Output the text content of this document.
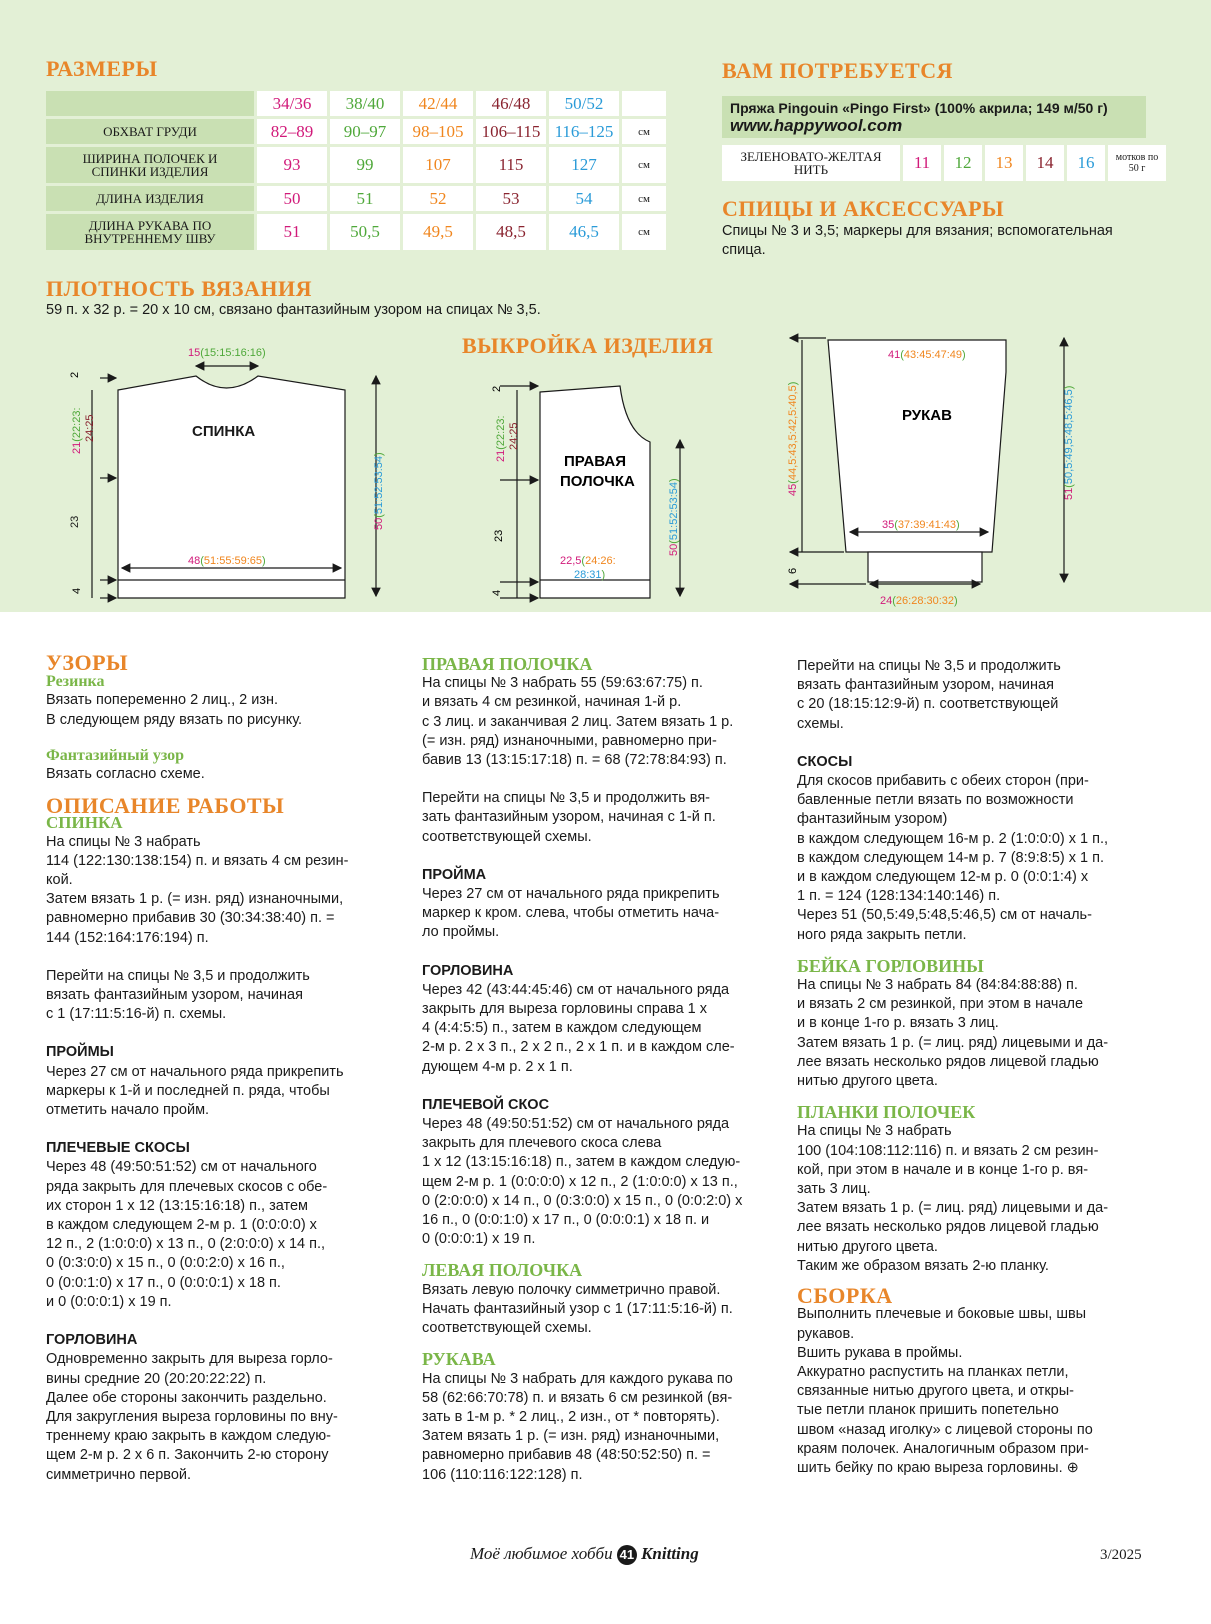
РАЗМЕРЫ
	34/36	38/40	42/44	46/48	50/52	
ОБХВАТ ГРУДИ	82–89	90–97	98–105	106–115	116–125	см
ШИРИНА ПОЛОЧЕК И СПИНКИ ИЗДЕЛИЯ	93	99	107	115	127	см
ДЛИНА ИЗДЕЛИЯ	50	51	52	53	54	см
ДЛИНА РУКАВА ПО ВНУТРЕННЕМУ ШВУ	51	50,5	49,5	48,5	46,5	см
ПЛОТНОСТЬ ВЯЗАНИЯ
59 п. x 32 р. = 20 x 10 см, связано фантазийным узором на спицах № 3,5.
ВАМ ПОТРЕБУЕТСЯ
Пряжа Pingouin «Pingo First» (100% акрила; 149 м/50 г)
www.happywool.com
ЗЕЛЕНОВАТО-ЖЕЛТАЯ НИТЬ	11	12	13	14	16	мотков по 50 г
СПИЦЫ И АКСЕССУАРЫ
Спицы № 3 и 3,5; маркеры для вязания; вспомогательная спица.
ВЫКРОЙКА ИЗДЕЛИЯ
СПИНКА
15(15:15:16:16)
48(51:55:59:65)
21(22:23: 24:25
23
2
4
50(51:52:53:54)	ПРАВАЯ
ПОЛОЧКА
22,5(24:26:
28:31)
21(22:23: 24:25
23
2
4
50(51:52:53:54)
РУКАВ
41(43:45:47:49)
35(37:39:41:43)
24(26:28:30:32)
45(44,5:43,5:42,5:40,5)
51(50,5:49,5:48,5:46,5)
6
УЗОРЫ
Резинка

Вязать попеременно 2 лиц., 2 изн.

В следующем ряду вязать по рисунку.

Фантазийный узор

Вязать согласно схеме.

ОПИСАНИЕ РАБОТЫ
СПИНКА

На спицы № 3 набрать

114 (122:130:138:154) п. и вязать 4 см резин-

кой.

Затем вязать 1 р. (= изн. ряд) изнаночными,

равномерно прибавив 30 (30:34:38:40) п. =

144 (152:164:176:194) п.

Перейти на спицы № 3,5 и продолжить

вязать фантазийным узором, начиная

с 1 (17:11:5:16-й) п. схемы.

ПРОЙМЫ

Через 27 см от начального ряда прикрепить

маркеры к 1-й и последней п. ряда, чтобы

отметить начало пройм.

ПЛЕЧЕВЫЕ СКОСЫ

Через 48 (49:50:51:52) см от начального

ряда закрыть для плечевых скосов с обе-

их сторон 1 x 12 (13:15:16:18) п., затем

в каждом следующем 2-м р. 1 (0:0:0:0) x

12 п., 2 (1:0:0:0) x 13 п., 0 (2:0:0:0) x 14 п.,

0 (0:3:0:0) x 15 п., 0 (0:0:2:0) x 16 п.,

0 (0:0:1:0) x 17 п., 0 (0:0:0:1) x 18 п.

и 0 (0:0:0:1) x 19 п.

ГОРЛОВИНА

Одновременно закрыть для выреза горло-

вины средние 20 (20:20:22:22) п.

Далее обе стороны закончить раздельно.

Для закругления выреза горловины по вну-

треннему краю закрыть в каждом следую-

щем 2-м р. 2 x 6 п. Закончить 2-ю сторону

симметрично первой.

ПРАВАЯ ПОЛОЧКА

На спицы № 3 набрать 55 (59:63:67:75) п.

и вязать 4 см резинкой, начиная 1-й р.

с 3 лиц. и заканчивая 2 лиц. Затем вязать 1 р.

(= изн. ряд) изнаночными, равномерно при-

бавив 13 (13:15:17:18) п. = 68 (72:78:84:93) п.

Перейти на спицы № 3,5 и продолжить вя-

зать фантазийным узором, начиная с 1-й п.

соответствующей схемы.

ПРОЙМА

Через 27 см от начального ряда прикрепить

маркер к кром. слева, чтобы отметить нача-

ло проймы.

ГОРЛОВИНА

Через 42 (43:44:45:46) см от начального ряда

закрыть для выреза горловины справа 1 x

4 (4:4:5:5) п., затем в каждом следующем

2-м р. 2 x 3 п., 2 x 2 п., 2 x 1 п. и в каждом сле-

дующем 4-м р. 2 x 1 п.

ПЛЕЧЕВОЙ СКОС

Через 48 (49:50:51:52) см от начального ряда

закрыть для плечевого скоса слева

1 x 12 (13:15:16:18) п., затем в каждом следую-

щем 2-м р. 1 (0:0:0:0) x 12 п., 2 (1:0:0:0) x 13 п.,

0 (2:0:0:0) x 14 п., 0 (0:3:0:0) x 15 п., 0 (0:0:2:0) x

16 п., 0 (0:0:1:0) x 17 п., 0 (0:0:0:1) x 18 п. и

0 (0:0:0:1) x 19 п.

ЛЕВАЯ ПОЛОЧКА

Вязать левую полочку симметрично правой.

Начать фантазийный узор с 1 (17:11:5:16-й) п.

соответствующей схемы.

РУКАВА

На спицы № 3 набрать для каждого рукава по

58 (62:66:70:78) п. и вязать 6 см резинкой (вя-

зать в 1-м р. * 2 лиц., 2 изн., от * повторять).

Затем вязать 1 р. (= изн. ряд) изнаночными,

равномерно прибавив 48 (48:50:52:50) п. =

106 (110:116:122:128) п.

Перейти на спицы № 3,5 и продолжить

вязать фантазийным узором, начиная

с 20 (18:15:12:9-й) п. соответствующей

схемы.

СКОСЫ

Для скосов прибавить с обеих сторон (при-

бавленные петли вязать по возможности

фантазийным узором)

в каждом следующем 16-м р. 2 (1:0:0:0) x 1 п.,

в каждом следующем 14-м р. 7 (8:9:8:5) x 1 п.

и в каждом следующем 12-м р. 0 (0:0:1:4) x

1 п. = 124 (128:134:140:146) п.

Через 51 (50,5:49,5:48,5:46,5) см от началь-

ного ряда закрыть петли.

БЕЙКА ГОРЛОВИНЫ

На спицы № 3 набрать 84 (84:84:88:88) п.

и вязать 2 см резинкой, при этом в начале

и в конце 1-го р. вязать 3 лиц.

Затем вязать 1 р. (= лиц. ряд) лицевыми и да-

лее вязать несколько рядов лицевой гладью

нитью другого цвета.

ПЛАНКИ ПОЛОЧЕК

На спицы № 3 набрать

100 (104:108:112:116) п. и вязать 2 см резин-

кой, при этом в начале и в конце 1-го р. вя-

зать 3 лиц.

Затем вязать 1 р. (= лиц. ряд) лицевыми и да-

лее вязать несколько рядов лицевой гладью

нитью другого цвета.

Таким же образом вязать 2-ю планку.

СБОРКА

Выполнить плечевые и боковые швы, швы

рукавов.

Вшить рукава в проймы.

Аккуратно распустить на планках петли,

связанные нитью другого цвета, и откры-

тые петли планок пришить попетельно

швом «назад иголку» с лицевой стороны по

краям полочек. Аналогичным образом при-

шить бейку по краю выреза горловины. ⊕

Моё любимое хобби 41 Knitting	3/2025
